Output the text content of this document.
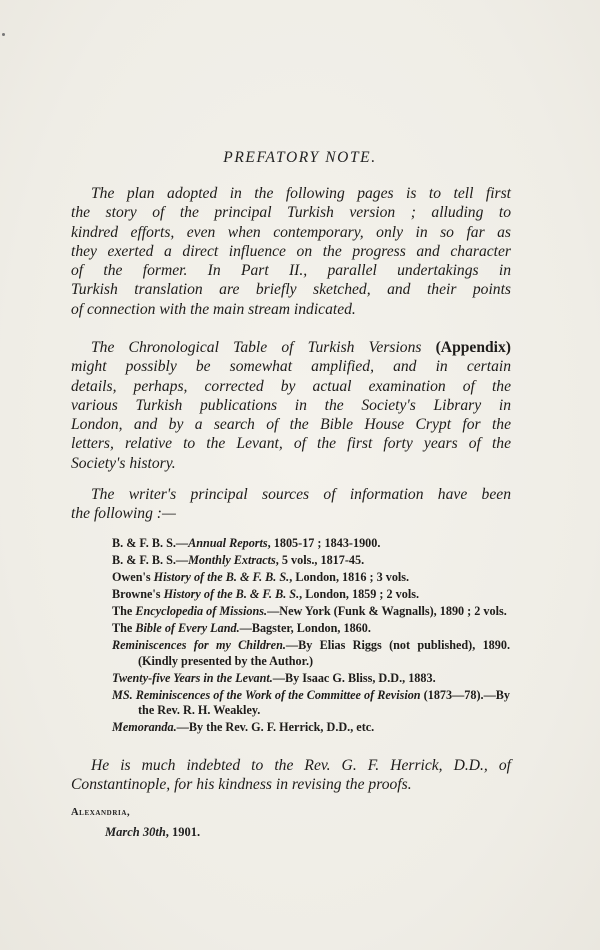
PREFATORY NOTE.
The plan adopted in the following pages is to tell first
the story of the principal Turkish version ; alluding to
kindred efforts, even when contemporary, only in so far as
they exerted a direct influence on the progress and character
of the former. In Part II., parallel undertakings in
Turkish translation are briefly sketched, and their points
of connection with the main stream indicated.
The Chronological Table of Turkish Versions (Appendix)
might possibly be somewhat amplified, and in certain
details, perhaps, corrected by actual examination of the
various Turkish publications in the Society's Library in
London, and by a search of the Bible House Crypt for the
letters, relative to the Levant, of the first forty years of the
Society's history.
The writer's principal sources of information have been
the following :—
B. & F. B. S.—Annual Reports, 1805-17 ; 1843-1900.
B. & F. B. S.—Monthly Extracts, 5 vols., 1817-45.
Owen's History of the B. & F. B. S., London, 1816 ; 3 vols.
Browne's History of the B. & F. B. S., London, 1859 ; 2 vols.
The Encyclopedia of Missions.—New York (Funk & Wagnalls), 1890 ; 2 vols.
The Bible of Every Land.—Bagster, London, 1860.
Reminiscences for my Children.—By Elias Riggs (not published), 1890. (Kindly presented by the Author.)
Twenty-five Years in the Levant.—By Isaac G. Bliss, D.D., 1883.
MS. Reminiscences of the Work of the Committee of Revision (1873—78).—By the Rev. R. H. Weakley.
Memoranda.—By the Rev. G. F. Herrick, D.D., etc.
He is much indebted to the Rev. G. F. Herrick, D.D., of
Constantinople, for his kindness in revising the proofs.
Alexandria,
March 30th, 1901.
